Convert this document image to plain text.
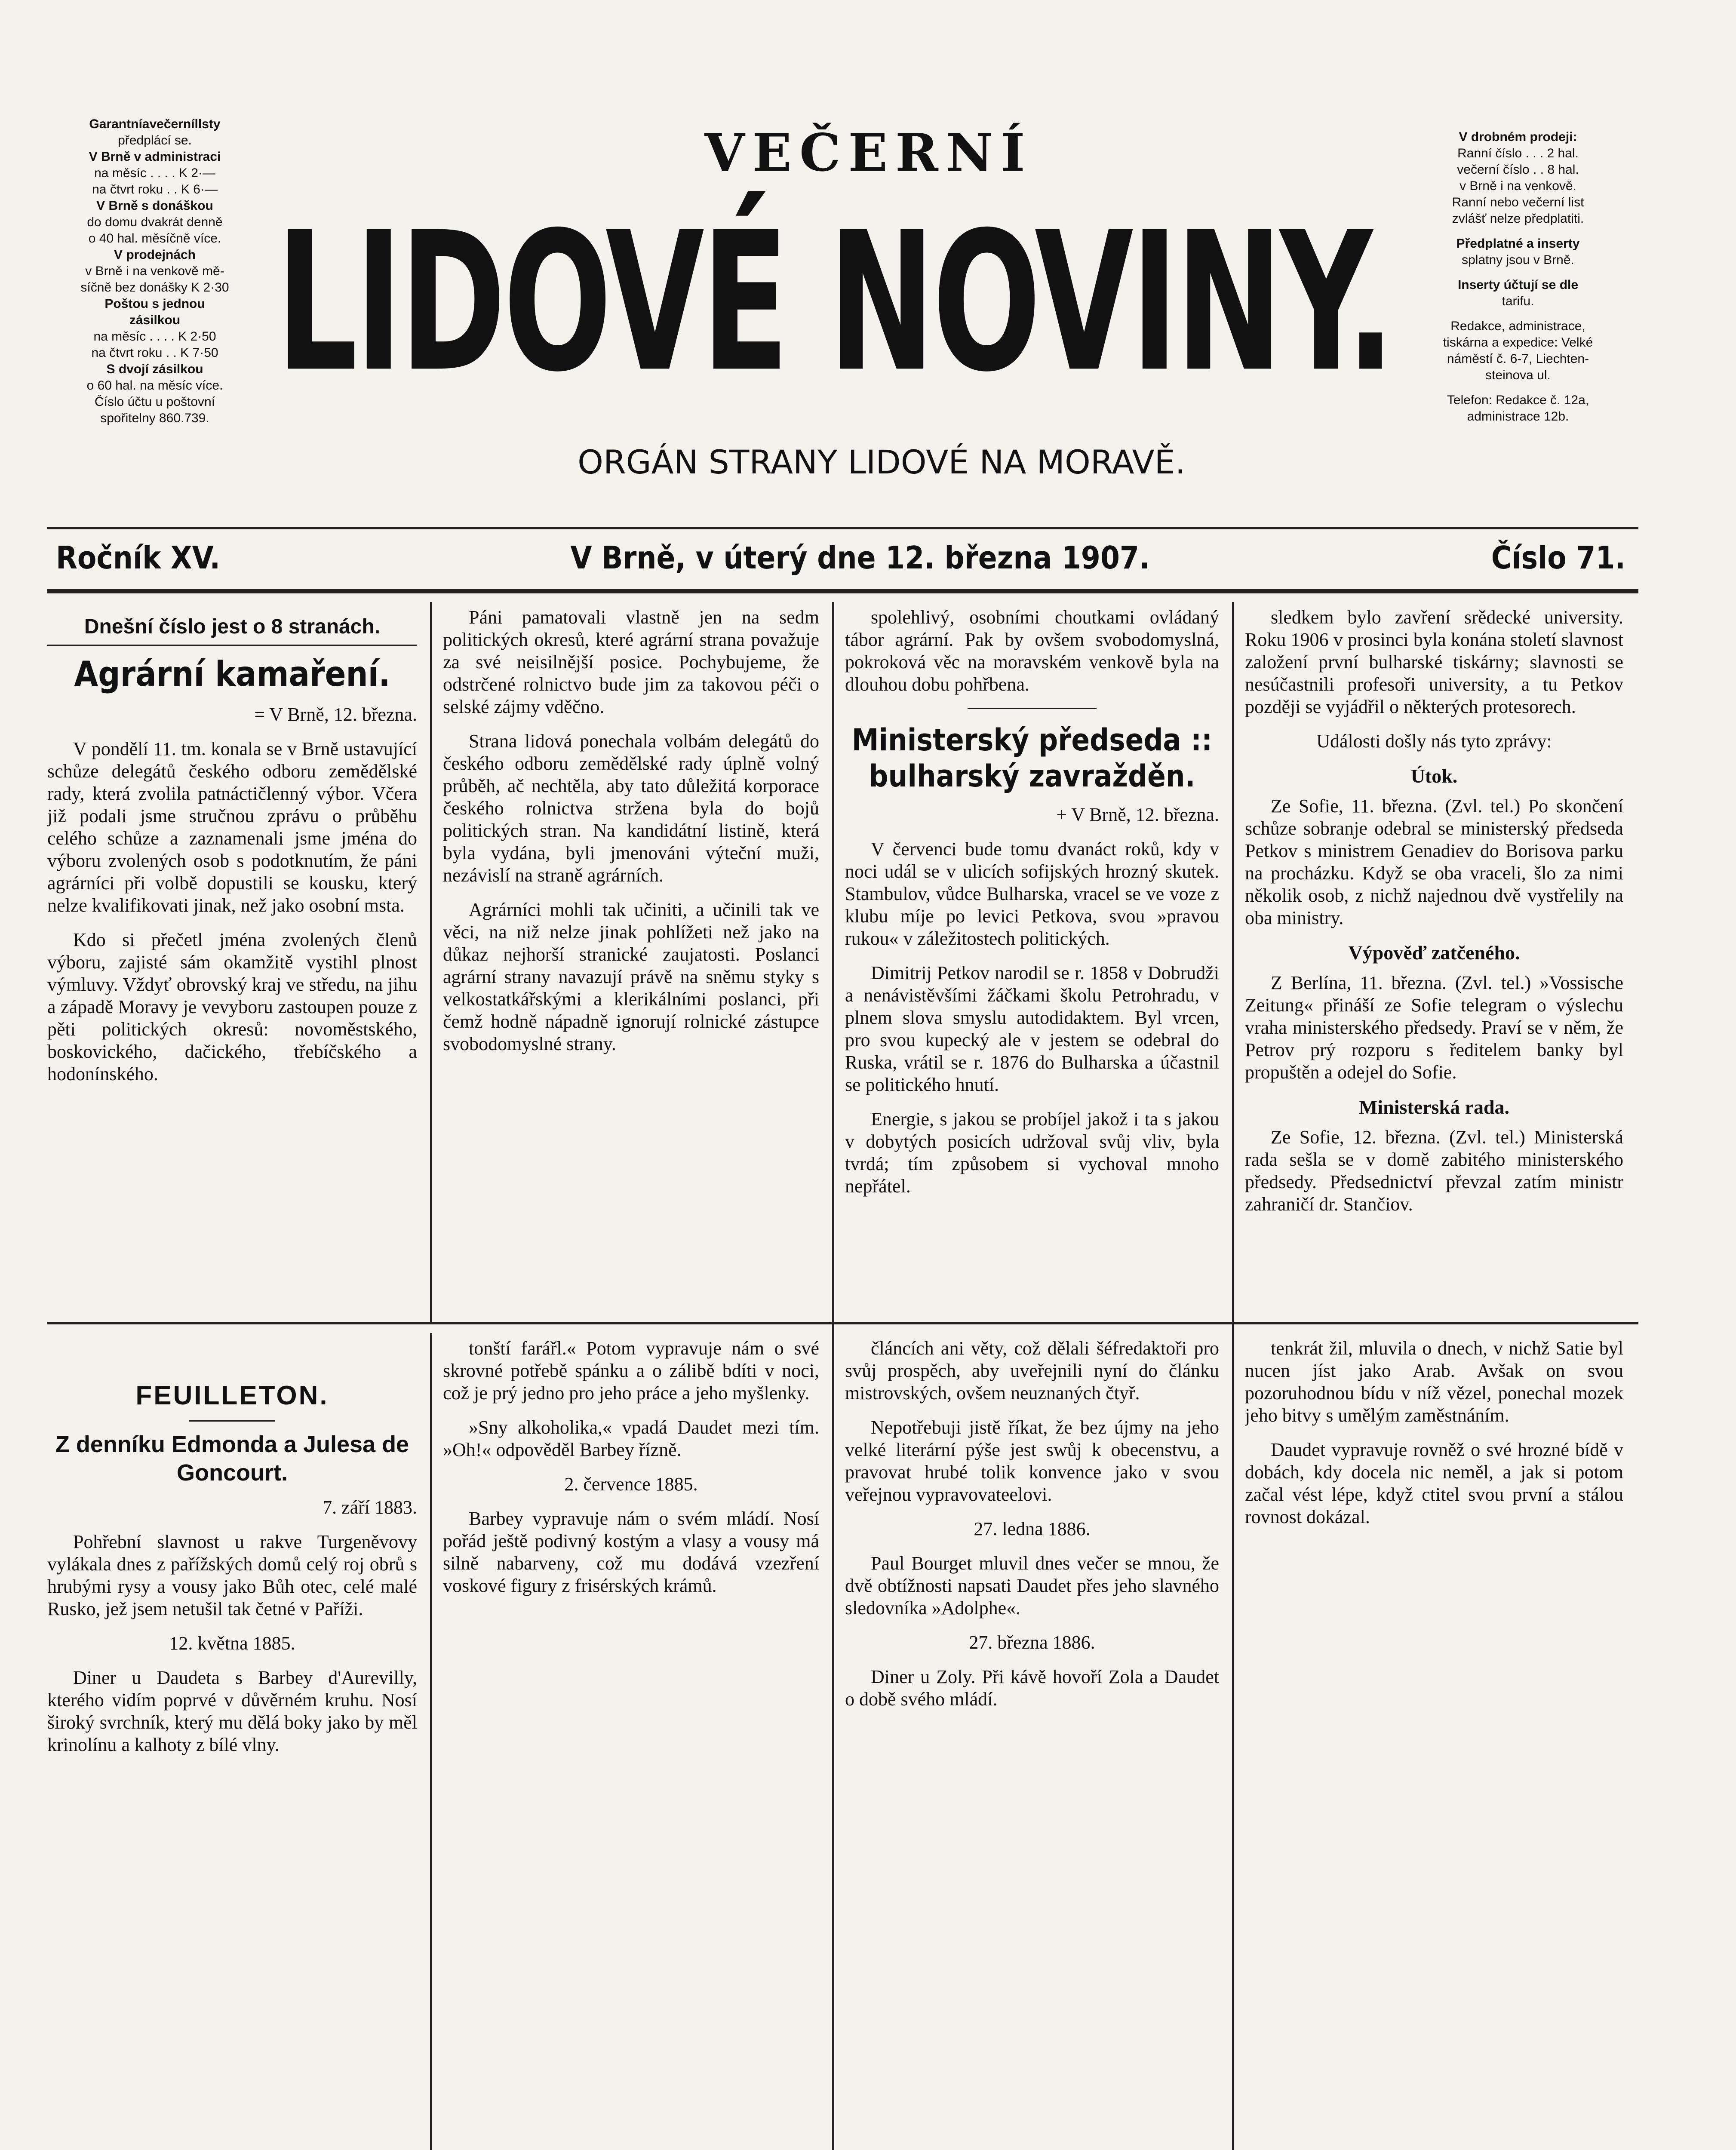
Garantníavečerníllsty
předplácí se.
V Brně v administraci
na měsíc . . . . K 2·—
na čtvrt roku . . K 6·—
V Brně s donáškou
do domu dvakrát denně
o 40 hal. měsíčně více.
V prodejnách
v Brně i na venkově mě-
síčně bez donášky K 2·30
Poštou s jednou
zásilkou
na měsíc . . . . K 2·50
na čtvrt roku . . K 7·50
S dvojí zásilkou
o 60 hal. na měsíc více.
Číslo účtu u poštovní
spořitelny 860.739.
VEČERNÍ
LIDOVÉ NOVINY.
ORGÁN STRANY LIDOVÉ NA MORAVĚ.
V drobném prodeji:
Ranní číslo . . . 2 hal.
večerní číslo . . 8 hal.
v Brně i na venkově.
Ranní nebo večerní list
zvlášť nelze předplatiti.
Předplatné a inserty
splatny jsou v Brně.
Inserty účtují se dle
tarifu.
Redakce, administrace,
tiskárna a expedice: Velké
náměstí č. 6-7, Liechten-
steinova ul.
Telefon: Redakce č. 12a,
administrace 12b.
Ročník XV.	V Brně, v úterý dne 12. března 1907.	Číslo 71.
Dnešní číslo jest o 8 stranách.
Agrární kamaření.

= V Brně, 12. března.

V pondělí 11. tm. konala se v Brně ustavující schůze delegátů českého odboru zemědělské rady, která zvolila patnáctičlenný výbor. Včera již podali jsme stručnou zprávu o průběhu celého schůze a zaznamenali jsme jména do výboru zvolených osob s podotknutím, že páni agrárníci při volbě dopustili se kousku, který nelze kvalifikovati jinak, než jako osobní msta.

Kdo si přečetl jména zvolených členů výboru, zajisté sám okamžitě vystihl plnost výmluvy. Vždyť obrovský kraj ve středu, na jihu a západě Moravy je vevyboru zastoupen pouze z pěti politických okresů: novoměstského, boskovického, dačického, třebíčského a hodonínského.

Páni pamatovali vlastně jen na sedm politických okresů, které agrární strana považuje za své neisilnější posice. Pochybujeme, že odstrčené rolnictvo bude jim za takovou péči o selské zájmy vděčno.

Strana lidová ponechala volbám delegátů do českého odboru zemědělské rady úplně volný průběh, ač nechtěla, aby tato důležitá korporace českého rolnictva stržena byla do bojů politických stran. Na kandidátní listině, která byla vydána, byli jmenováni výteční muži, nezávislí na straně agrárních.

Agrárníci mohli tak učiniti, a učinili tak ve věci, na niž nelze jinak pohlížeti než jako na důkaz nejhorší stranické zaujatosti. Poslanci agrární strany navazují právě na sněmu styky s velkostatkářskými a klerikálními poslanci, při čemž hodně nápadně ignorují rolnické zástupce svobodomyslné strany.

spolehlivý, osobními choutkami ovládaný tábor agrární. Pak by ovšem svobodomyslná, pokroková věc na moravském venkově byla na dlouhou dobu pohřbena.

Ministerský předseda :: bulharský zavražděn.

+ V Brně, 12. března.

V červenci bude tomu dvanáct roků, kdy v noci udál se v ulicích sofijských hrozný skutek. Stambulov, vůdce Bulharska, vracel se ve voze z klubu míje po levici Petkova, svou »pravou rukou« v záležitostech politických.

Dimitrij Petkov narodil se r. 1858 v Dobrudži a nenávistěvšími žáčkami školu Petrohradu, v plnem slova smyslu autodidaktem. Byl vrcen, pro svou kupecký ale v jestem se odebral do Ruska, vrátil se r. 1876 do Bulharska a účastnil se politického hnutí.

Energie, s jakou se probíjel jakož i ta s jakou v dobytých posicích udržoval svůj vliv, byla tvrdá; tím způsobem si vychoval mnoho nepřátel.

sledkem bylo zavření srědecké university. Roku 1906 v prosinci byla konána století slavnost založení první bulharské tiskárny; slavnosti se nesúčastnili profesoři university, a tu Petkov později se vyjádřil o některých protesorech.

Události došly nás tyto zprávy:

Útok.

Ze Sofie, 11. března. (Zvl. tel.) Po skončení schůze sobranje odebral se ministerský předseda Petkov s ministrem Genadiev do Borisova parku na procházku. Když se oba vraceli, šlo za nimi několik osob, z nichž najednou dvě vystřelily na oba ministry.

Výpověď zatčeného.

Z Berlína, 11. března. (Zvl. tel.) »Vossische Zeitung« přináší ze Sofie telegram o výslechu vraha ministerského předsedy. Praví se v něm, že Petrov prý rozporu s ředitelem banky byl propuštěn a odejel do Sofie.

Ministerská rada.

Ze Sofie, 12. března. (Zvl. tel.) Ministerská rada sešla se v domě zabitého ministerského předsedy. Předsednictví převzal zatím ministr zahraničí dr. Stančiov.

FEUILLETON.
Z denníku Edmonda a Julesa de Goncourt.

7. září 1883.

Pohřební slavnost u rakve Turgeněvovy vylákala dnes z pařížských domů celý roj obrů s hrubými rysy a vousy jako Bůh otec, celé malé Rusko, jež jsem netušil tak četné v Paříži.

12. května 1885.

Diner u Daudeta s Barbey d'Aurevilly, kterého vidím poprvé v důvěrném kruhu. Nosí široký svrchník, který mu dělá boky jako by měl krinolínu a kalhoty z bílé vlny.

tonští farářl.« Potom vypravuje nám o své skrovné potřebě spánku a o zálibě bdíti v noci, což je prý jedno pro jeho práce a jeho myšlenky.

»Sny alkoholika,« vpadá Daudet mezi tím. »Oh!« odpověděl Barbey řízně.

2. července 1885.

Barbey vypravuje nám o svém mládí. Nosí pořád ještě podivný kostým a vlasy a vousy má silně nabarveny, což mu dodává vzezření voskové figury z frisérských krámů.

článcích ani věty, což dělali šéfredaktoři pro svůj prospěch, aby uveřejnili nyní do článku mistrovských, ovšem neuznaných čtyř.

Nepotřebuji jistě říkat, že bez újmy na jeho velké literární pýše jest swůj k obecenstvu, a pravovat hrubé tolik konvence jako v svou veřejnou vypravovateelovi.

27. ledna 1886.

Paul Bourget mluvil dnes večer se mnou, že dvě obtížnosti napsati Daudet přes jeho slavného sledovníka »Adolphe«.

27. března 1886.

Diner u Zoly. Při kávě hovoří Zola a Daudet o době svého mládí.

tenkrát žil, mluvila o dnech, v nichž Satie byl nucen jíst jako Arab. Avšak on svou pozoruhodnou bídu v níž vězel, ponechal mozek jeho bitvy s umělým zaměstnáním.

Daudet vypravuje rovněž o své hrozné bídě v dobách, kdy docela nic neměl, a jak si potom začal vést lépe, když ctitel svou první a stálou rovnost dokázal.
